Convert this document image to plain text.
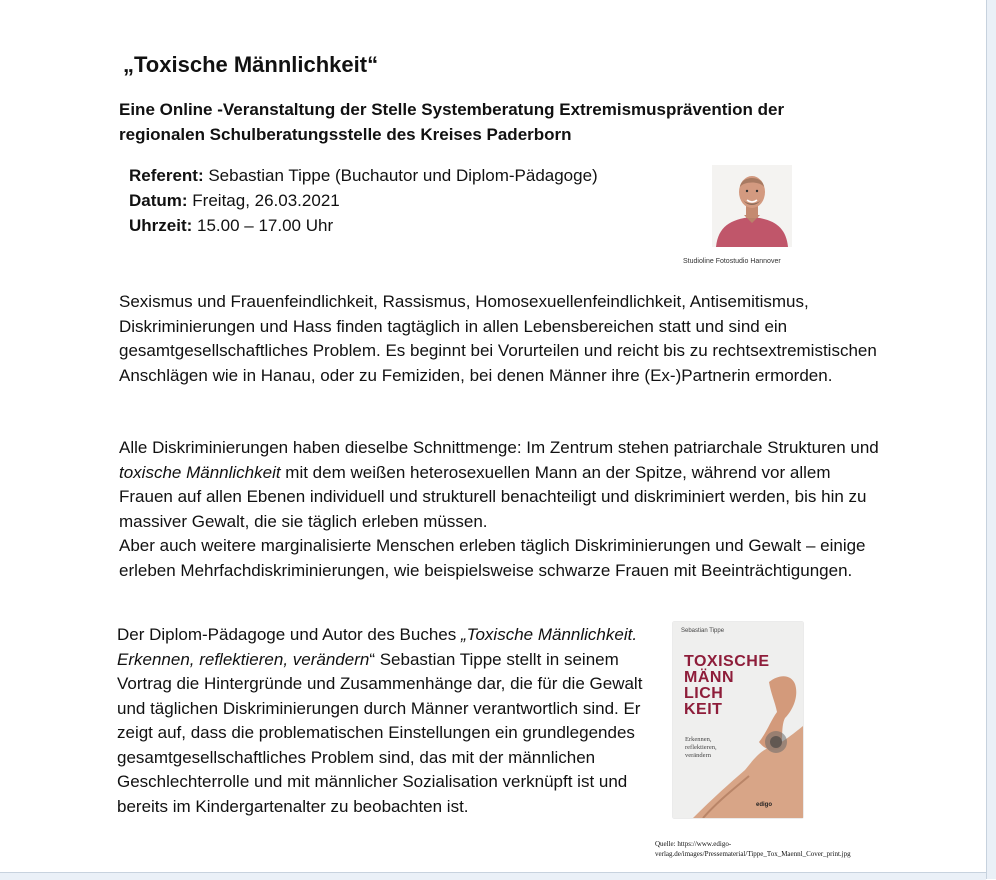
„Toxische Männlichkeit“

Eine Online -Veranstaltung der Stelle Systemberatung Extremismusprävention der regionalen Schulberatungsstelle des Kreises Paderborn

Referent: Sebastian Tippe (Buchautor und Diplom-Pädagoge)
Datum: Freitag, 26.03.2021
Uhrzeit: 15.00 – 17.00 Uhr
Studioline Fotostudio Hannover

Sexismus und Frauenfeindlichkeit, Rassismus, Homosexuellenfeindlichkeit, Antisemitismus, Diskriminierungen und Hass finden tagtäglich in allen Lebensbereichen statt und sind ein gesamtgesellschaftliches Problem. Es beginnt bei Vorurteilen und reicht bis zu rechtsextremistischen Anschlägen wie in Hanau, oder zu Femiziden, bei denen Männer ihre (Ex-)Partnerin ermorden.

Alle Diskriminierungen haben dieselbe Schnittmenge: Im Zentrum stehen patriarchale Strukturen und toxische Männlichkeit mit dem weißen heterosexuellen Mann an der Spitze, während vor allem Frauen auf allen Ebenen individuell und strukturell benachteiligt und diskriminiert werden, bis hin zu massiver Gewalt, die sie täglich erleben müssen.

Aber auch weitere marginalisierte Menschen erleben täglich Diskriminierungen und Gewalt – einige erleben Mehrfachdiskriminierungen, wie beispielsweise schwarze Frauen mit Beeinträchtigungen.

Der Diplom-Pädagoge und Autor des Buches „Toxische Männlichkeit. Erkennen, reflektieren, verändern“ Sebastian Tippe stellt in seinem Vortrag die Hintergründe und Zusammenhänge dar, die für die Gewalt und täglichen Diskriminierungen durch Männer verantwortlich sind. Er zeigt auf, dass die problematischen Einstellungen ein grundlegendes gesamtgesellschaftliches Problem sind, das mit der männlichen Geschlechterrolle und mit männlicher Sozialisation verknüpft ist und bereits im Kindergartenalter zu beobachten ist.

Sebastian Tippe
TOXISCHE
MÄNN
LICH
KEIT
Erkennen,
reflektieren,
verändern
edigo
Quelle: https://www.edigo-
verlag.de/images/Pressematerial/Tippe_Tox_Maennl_Cover_print.jpg
